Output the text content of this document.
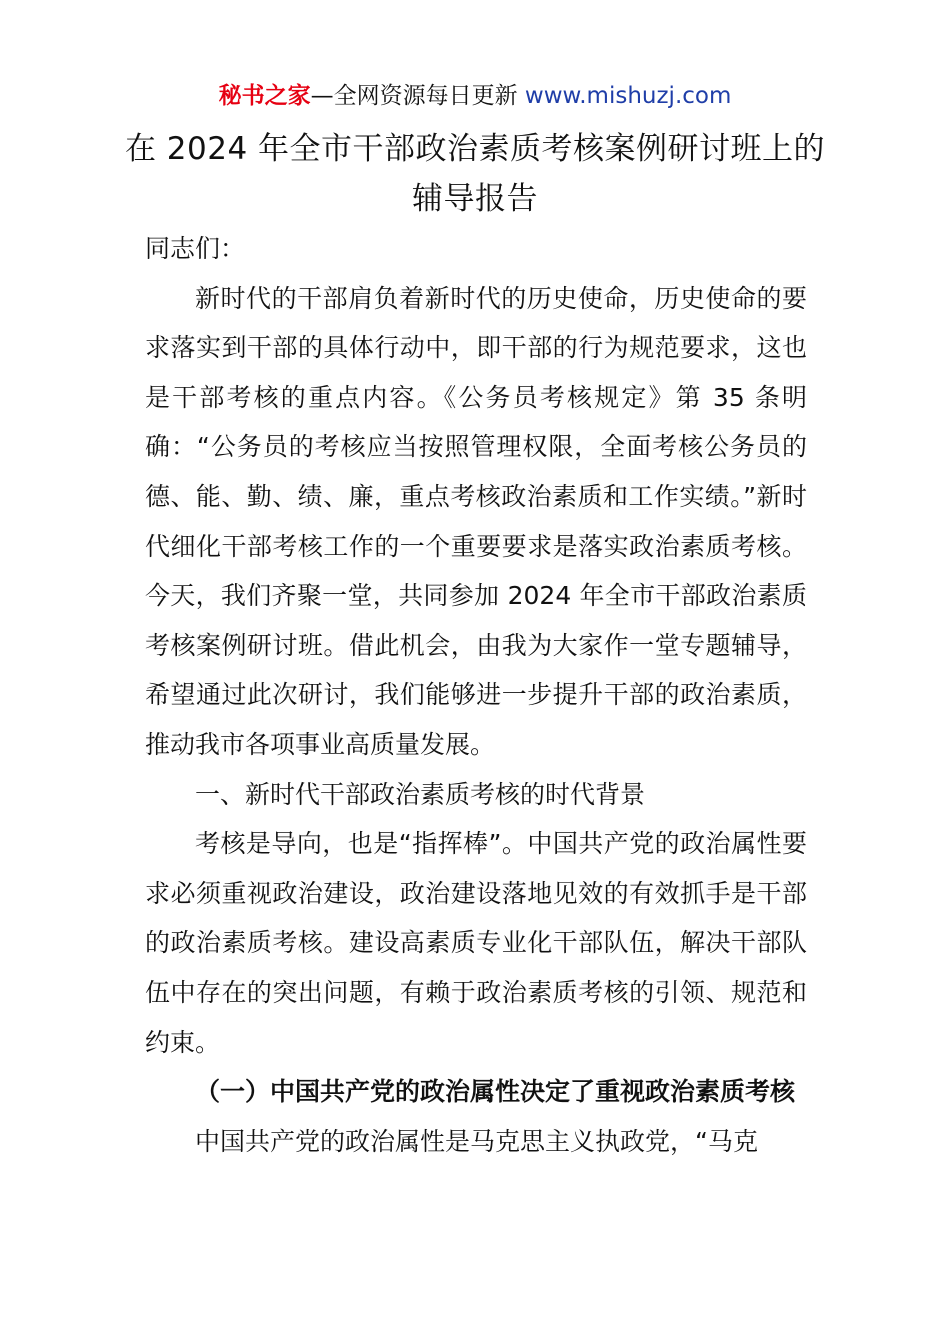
秘书之家—全网资源每日更新 www.mishuzj.com
在 2024 年全市干部政治素质考核案例研讨班上的辅导报告

同志们：

新时代的干部肩负着新时代的历史使命，历史使命的要求落实到干部的具体行动中，即干部的行为规范要求，这也是干部考核的重点内容。《公务员考核规定》第 35 条明确：“公务员的考核应当按照管理权限，全面考核公务员的德、能、勤、绩、廉，重点考核政治素质和工作实绩。”新时代细化干部考核工作的一个重要要求是落实政治素质考核。今天，我们齐聚一堂，共同参加 2024 年全市干部政治素质考核案例研讨班。借此机会，由我为大家作一堂专题辅导，希望通过此次研讨，我们能够进一步提升干部的政治素质，推动我市各项事业高质量发展。

一、新时代干部政治素质考核的时代背景

考核是导向，也是“指挥棒”。中国共产党的政治属性要求必须重视政治建设，政治建设落地见效的有效抓手是干部的政治素质考核。建设高素质专业化干部队伍，解决干部队伍中存在的突出问题，有赖于政治素质考核的引领、规范和约束。

（一）中国共产党的政治属性决定了重视政治素质考核

中国共产党的政治属性是马克思主义执政党，“马克
